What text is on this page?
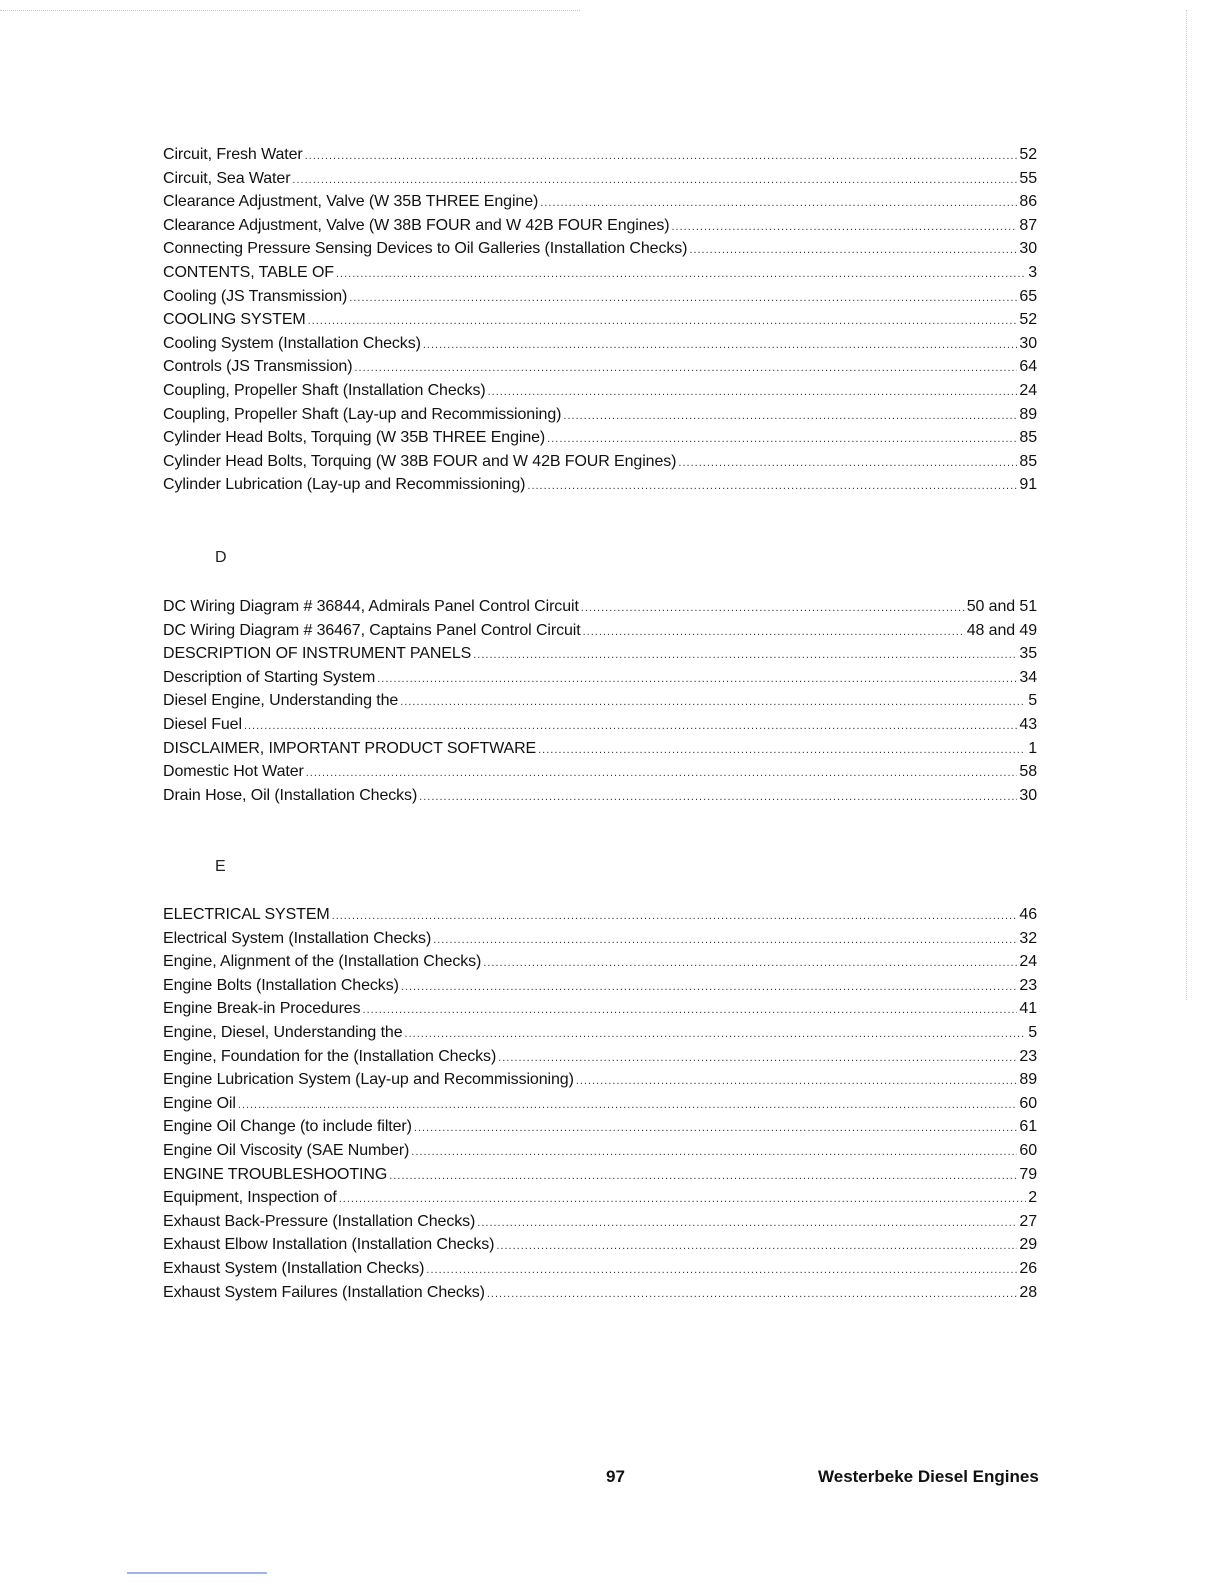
Circuit, Fresh Water .....	52
Circuit, Sea Water .....	55
Clearance Adjustment, Valve (W 35B THREE Engine) .....	86
Clearance Adjustment, Valve (W 38B FOUR and W 42B FOUR Engines) .....	87
Connecting Pressure Sensing Devices to Oil Galleries (Installation Checks) .....	30
CONTENTS, TABLE OF .....	3
Cooling (JS Transmission) .....	65
COOLING SYSTEM .....	52
Cooling System (Installation Checks) .....	30
Controls (JS Transmission) .....	64
Coupling, Propeller Shaft (Installation Checks) .....	24
Coupling, Propeller Shaft (Lay-up and Recommissioning) .....	89
Cylinder Head Bolts, Torquing (W 35B THREE Engine) .....	85
Cylinder Head Bolts, Torquing (W 38B FOUR and W 42B FOUR Engines) .....	85
Cylinder Lubrication (Lay-up and Recommissioning) .....	91
D
DC Wiring Diagram # 36844, Admirals Panel Control Circuit .....	50 and 51
DC Wiring Diagram # 36467, Captains Panel Control Circuit .....	48 and 49
DESCRIPTION OF INSTRUMENT PANELS .....	35
Description of Starting System .....	34
Diesel Engine, Understanding the .....	5
Diesel Fuel .....	43
DISCLAIMER, IMPORTANT PRODUCT SOFTWARE .....	1
Domestic Hot Water .....	58
Drain Hose, Oil (Installation Checks) .....	30
E
ELECTRICAL SYSTEM .....	46
Electrical System (Installation Checks) .....	32
Engine, Alignment of the (Installation Checks) .....	24
Engine Bolts (Installation Checks) .....	23
Engine Break-in Procedures .....	41
Engine, Diesel, Understanding the .....	5
Engine, Foundation for the (Installation Checks) .....	23
Engine Lubrication System (Lay-up and Recommissioning) .....	89
Engine Oil .....	60
Engine Oil Change (to include filter) .....	61
Engine Oil Viscosity (SAE Number) .....	60
ENGINE TROUBLESHOOTING .....	79
Equipment, Inspection of .....	2
Exhaust Back-Pressure (Installation Checks) .....	27
Exhaust Elbow Installation (Installation Checks) .....	29
Exhaust System (Installation Checks) .....	26
Exhaust System Failures (Installation Checks) .....	28
97	Westerbeke Diesel Engines
